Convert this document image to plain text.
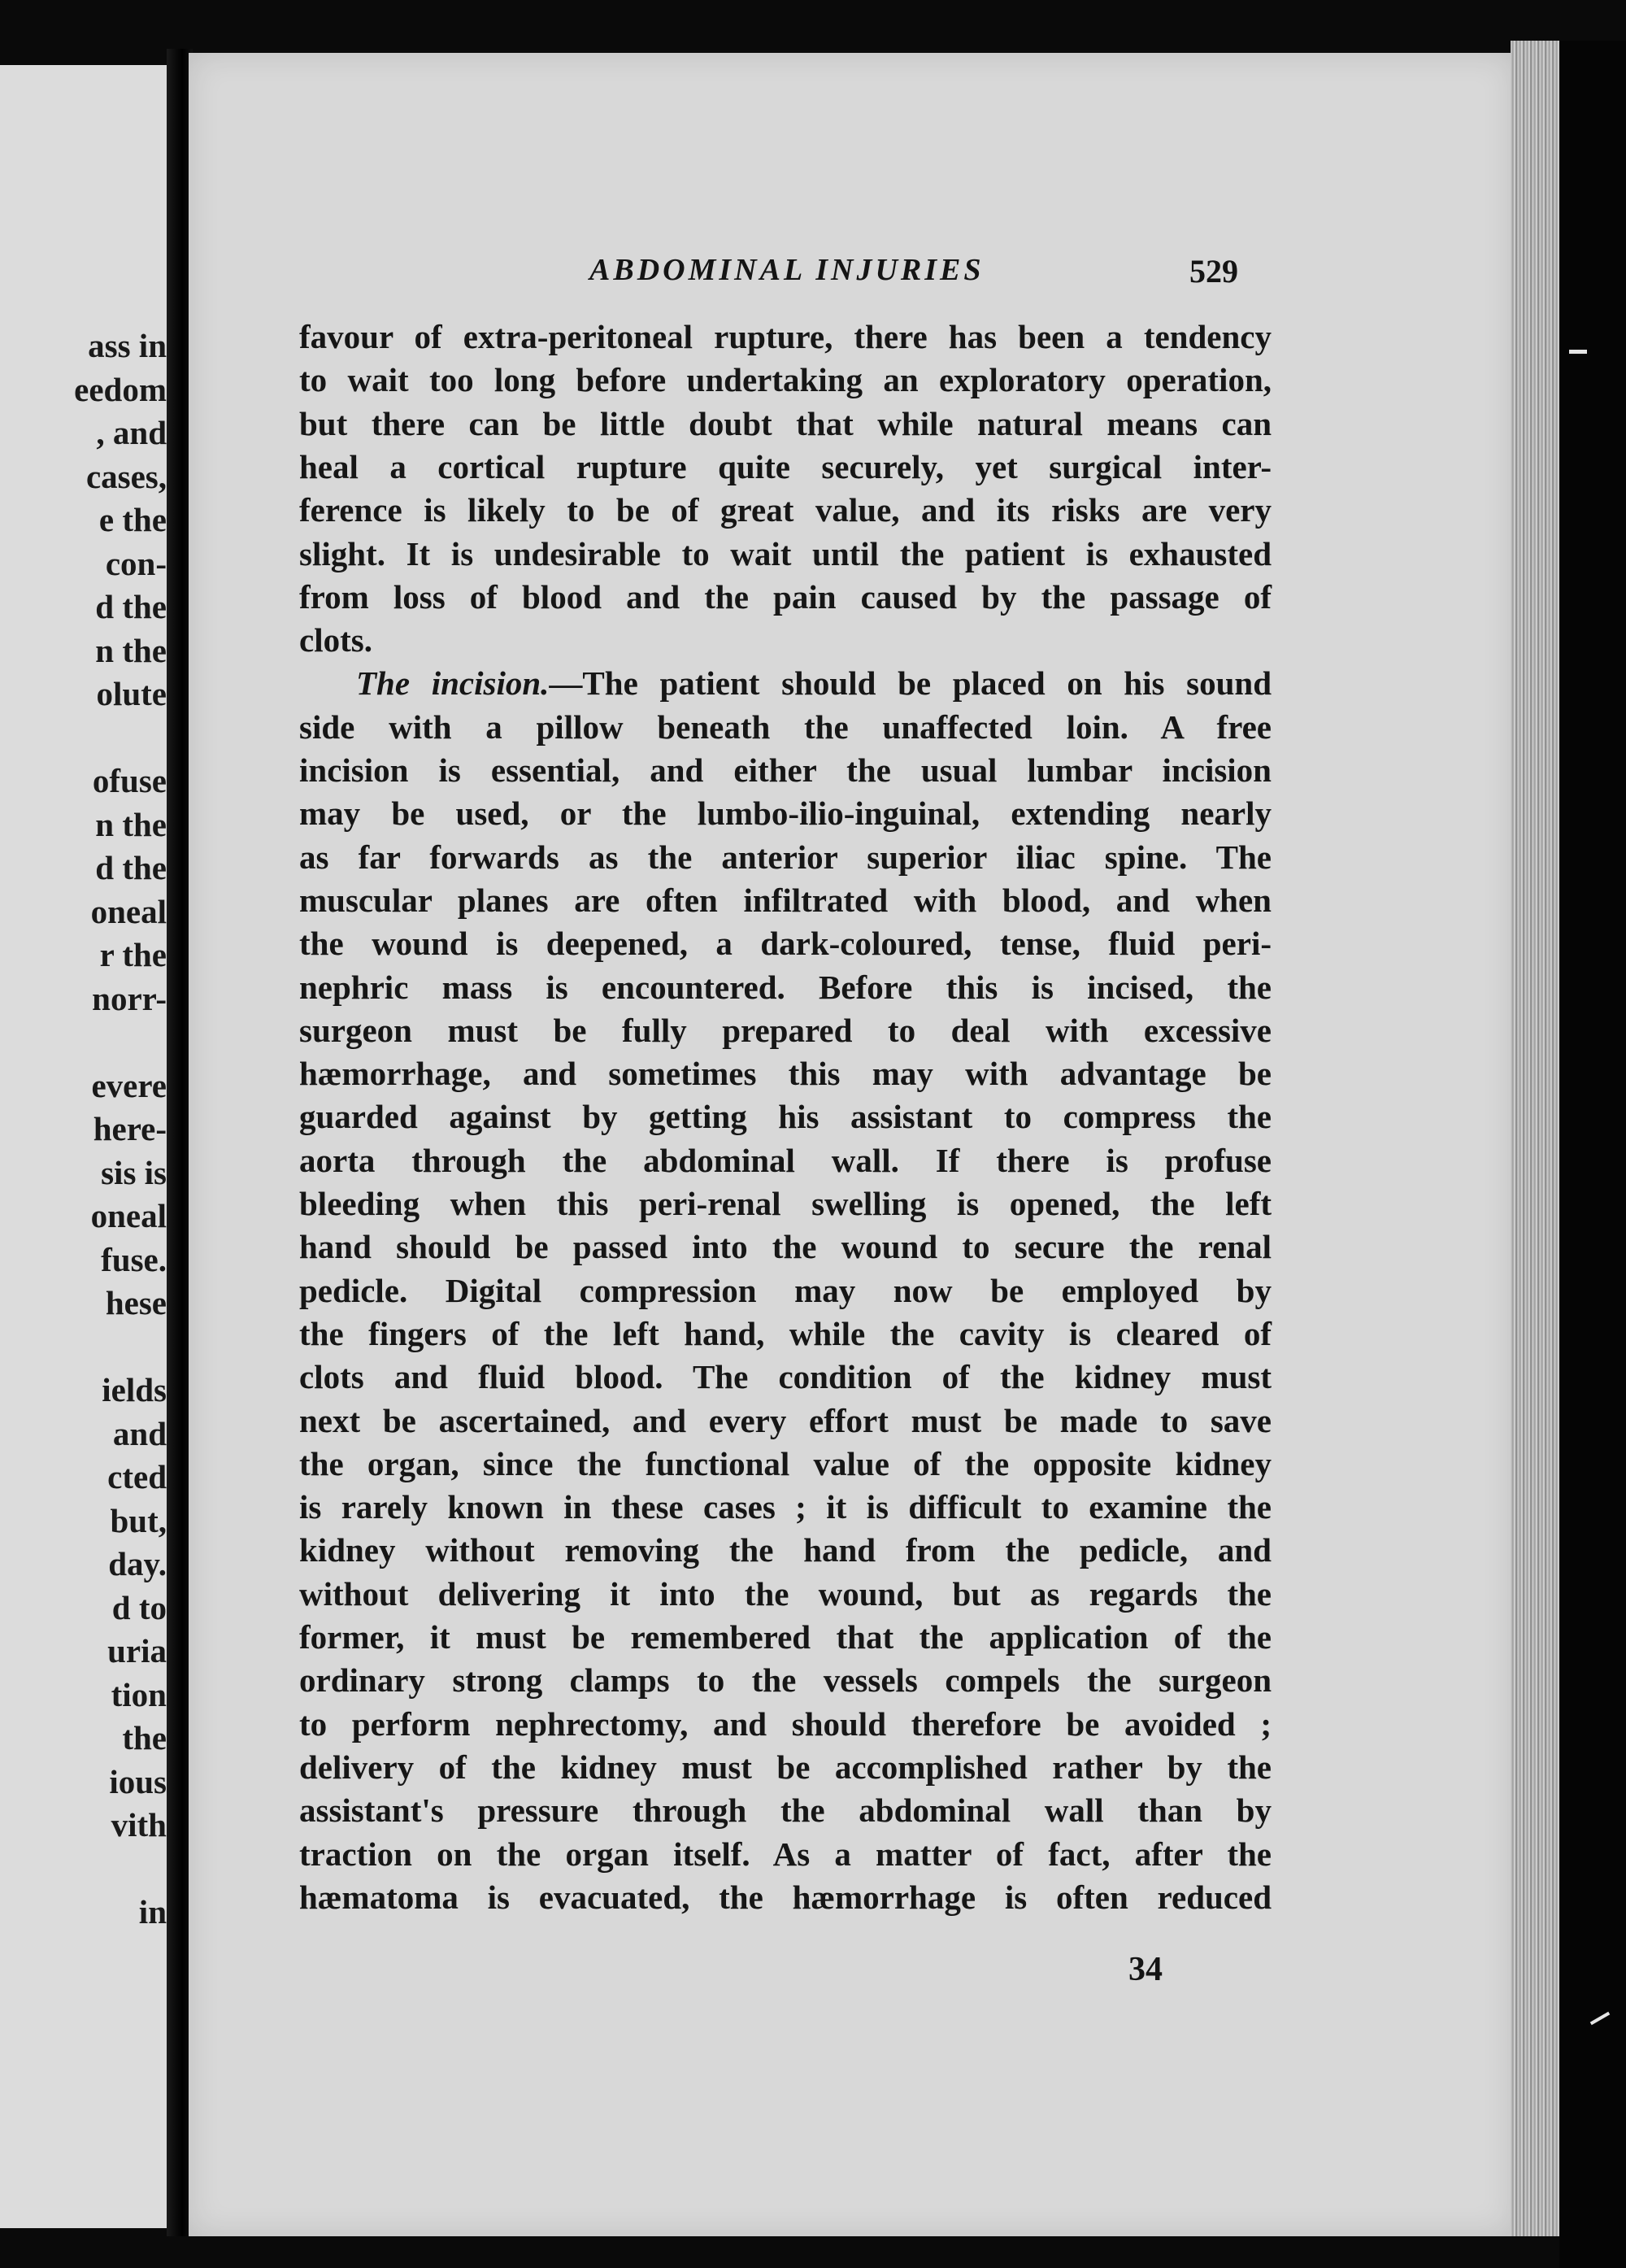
ass in
eedom
, and
cases,
e the
con-
d the
n the
olute
ofuse
n the
d the
oneal
r the
norr-
evere
here-
sis is
oneal
fuse.
hese
ields
and
cted
but,
day.
d to
uria
tion
the
ious
vith
in
ABDOMINAL INJURIES	529
favour of extra-peritoneal rupture, there has been a tendency
to wait too long before undertaking an exploratory operation,
but there can be little doubt that while natural means can
heal a cortical rupture quite securely, yet surgical inter-
ference is likely to be of great value, and its risks are very
slight. It is undesirable to wait until the patient is exhausted
from loss of blood and the pain caused by the passage of
clots.
The incision.—The patient should be placed on his sound
side with a pillow beneath the unaffected loin. A free
incision is essential, and either the usual lumbar incision
may be used, or the lumbo-ilio-inguinal, extending nearly
as far forwards as the anterior superior iliac spine. The
muscular planes are often infiltrated with blood, and when
the wound is deepened, a dark-coloured, tense, fluid peri-
nephric mass is encountered. Before this is incised, the
surgeon must be fully prepared to deal with excessive
hæmorrhage, and sometimes this may with advantage be
guarded against by getting his assistant to compress the
aorta through the abdominal wall. If there is profuse
bleeding when this peri-renal swelling is opened, the left
hand should be passed into the wound to secure the renal
pedicle. Digital compression may now be employed by
the fingers of the left hand, while the cavity is cleared of
clots and fluid blood. The condition of the kidney must
next be ascertained, and every effort must be made to save
the organ, since the functional value of the opposite kidney
is rarely known in these cases ; it is difficult to examine the
kidney without removing the hand from the pedicle, and
without delivering it into the wound, but as regards the
former, it must be remembered that the application of the
ordinary strong clamps to the vessels compels the surgeon
to perform nephrectomy, and should therefore be avoided ;
delivery of the kidney must be accomplished rather by the
assistant's pressure through the abdominal wall than by
traction on the organ itself. As a matter of fact, after the
hæmatoma is evacuated, the hæmorrhage is often reduced
34
